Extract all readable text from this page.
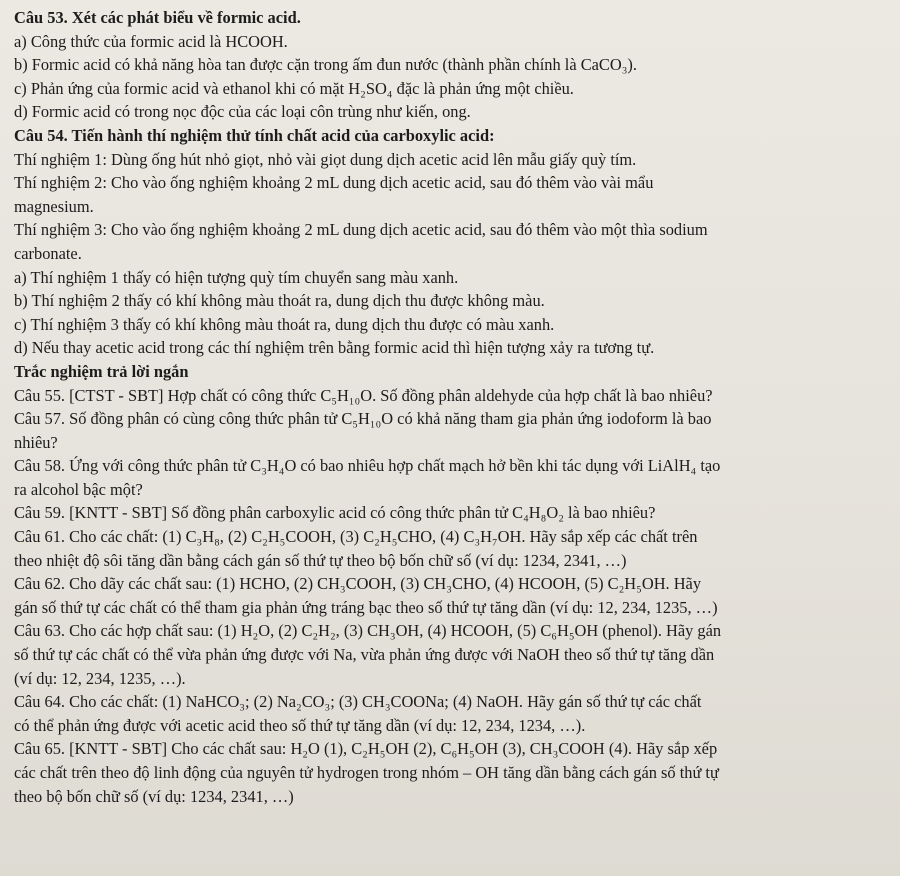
Câu 53. Xét các phát biểu về formic acid.
a) Công thức của formic acid là HCOOH.
b) Formic acid có khả năng hòa tan được cặn trong ấm đun nước (thành phần chính là CaCO₃).
c) Phản ứng của formic acid và ethanol khi có mặt H₂SO₄ đặc là phản ứng một chiều.
d) Formic acid có trong nọc độc của các loại côn trùng như kiến, ong.
Câu 54. Tiến hành thí nghiệm thử tính chất acid của carboxylic acid:
Thí nghiệm 1: Dùng ống hút nhỏ giọt, nhỏ vài giọt dung dịch acetic acid lên mẫu giấy quỳ tím.
Thí nghiệm 2: Cho vào ống nghiệm khoảng 2 mL dung dịch acetic acid, sau đó thêm vào vài mẩu
magnesium.
Thí nghiệm 3: Cho vào ống nghiệm khoảng 2 mL dung dịch acetic acid, sau đó thêm vào một thìa sodium
carbonate.
a) Thí nghiệm 1 thấy có hiện tượng quỳ tím chuyển sang màu xanh.
b) Thí nghiệm 2 thấy có khí không màu thoát ra, dung dịch thu được không màu.
c) Thí nghiệm 3 thấy có khí không màu thoát ra, dung dịch thu được có màu xanh.
d) Nếu thay acetic acid trong các thí nghiệm trên bằng formic acid thì hiện tượng xảy ra tương tự.
Trắc nghiệm trả lời ngắn
Câu 55. [CTST - SBT] Hợp chất có công thức C₅H₁₀O. Số đồng phân aldehyde của hợp chất là bao nhiêu?
Câu 57. Số đồng phân có cùng công thức phân tử C₅H₁₀O có khả năng tham gia phản ứng iodoform là bao
nhiêu?
Câu 58. Ứng với công thức phân tử C₃H₄O có bao nhiêu hợp chất mạch hở bền khi tác dụng với LiAlH₄ tạo
ra alcohol bậc một?
Câu 59. [KNTT - SBT] Số đồng phân carboxylic acid có công thức phân tử C₄H₈O₂ là bao nhiêu?
Câu 61. Cho các chất: (1) C₃H₈, (2) C₂H₅COOH, (3) C₂H₅CHO, (4) C₃H₇OH. Hãy sắp xếp các chất trên
theo nhiệt độ sôi tăng dần bằng cách gán số thứ tự theo bộ bốn chữ số (ví dụ: 1234, 2341, …)
Câu 62. Cho dãy các chất sau: (1) HCHO, (2) CH₃COOH, (3) CH₃CHO, (4) HCOOH, (5) C₂H₅OH. Hãy
gán số thứ tự các chất có thể tham gia phản ứng tráng bạc theo số thứ tự tăng dần (ví dụ: 12, 234, 1235, …)
Câu 63. Cho các hợp chất sau: (1) H₂O, (2) C₂H₂, (3) CH₃OH, (4) HCOOH, (5) C₆H₅OH (phenol). Hãy gán
số thứ tự các chất có thể vừa phản ứng được với Na, vừa phản ứng được với NaOH theo số thứ tự tăng dần
(ví dụ: 12, 234, 1235, …).
Câu 64. Cho các chất: (1) NaHCO₃; (2) Na₂CO₃; (3) CH₃COONa; (4) NaOH. Hãy gán số thứ tự các chất
có thể phản ứng được với acetic acid theo số thứ tự tăng dần (ví dụ: 12, 234, 1234, …).
Câu 65. [KNTT - SBT] Cho các chất sau: H₂O (1), C₂H₅OH (2), C₆H₅OH (3), CH₃COOH (4). Hãy sắp xếp
các chất trên theo độ linh động của nguyên tử hydrogen trong nhóm – OH tăng dần bằng cách gán số thứ tự
theo bộ bốn chữ số (ví dụ: 1234, 2341, …)
